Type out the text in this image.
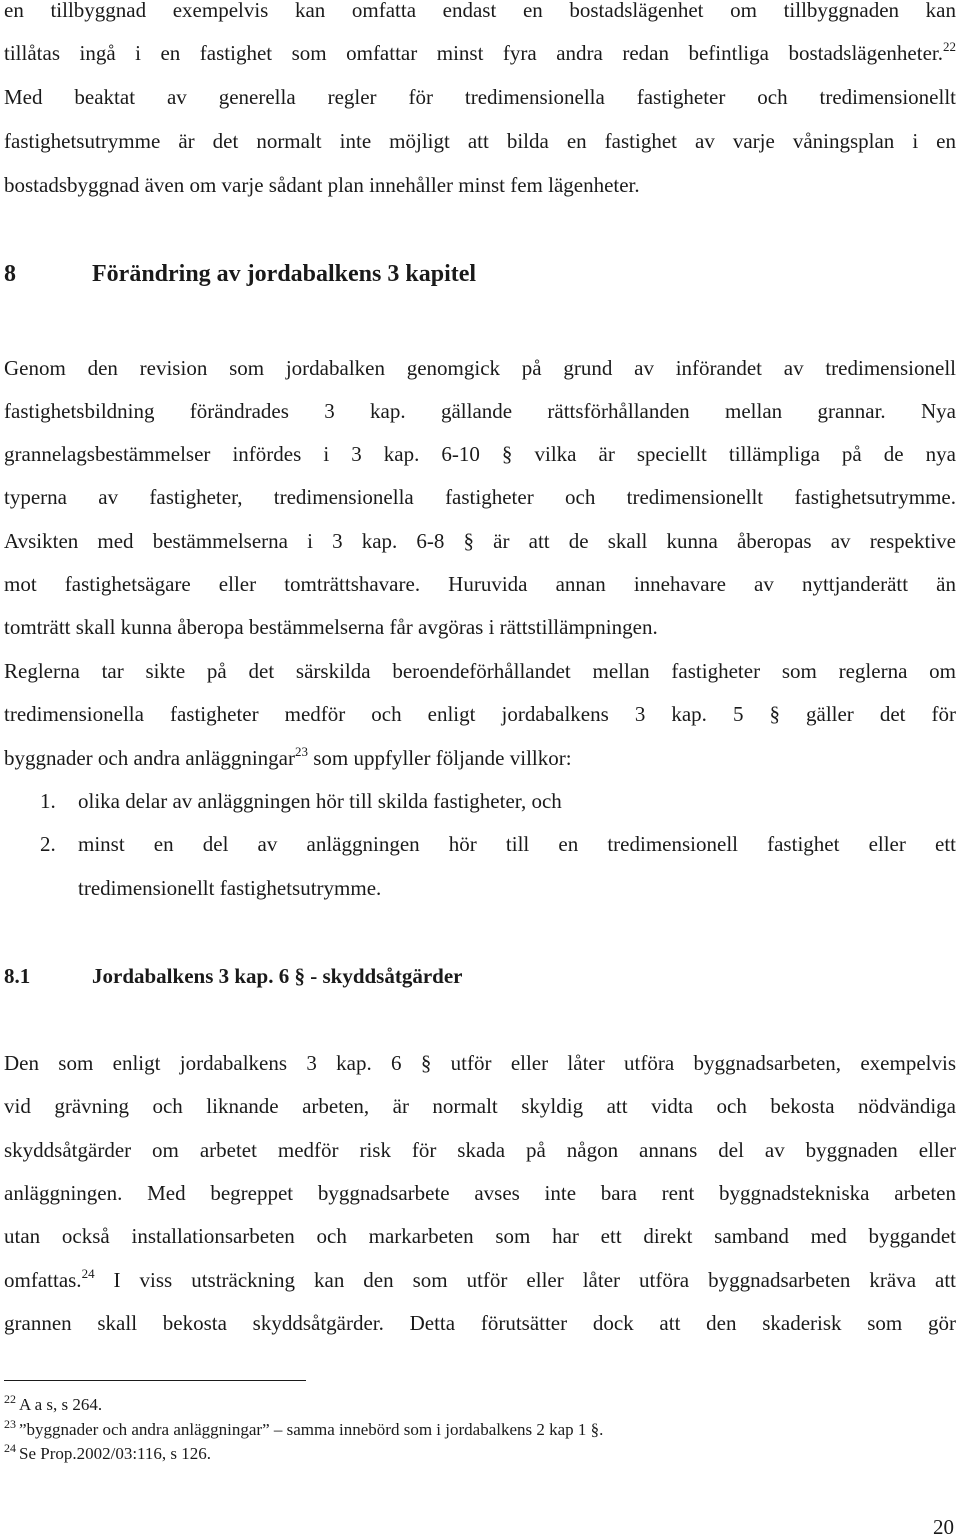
en tillbyggnad exempelvis kan omfatta endast en bostadslägenhet om tillbyggnaden kan
tillåtas ingå i en fastighet som omfattar minst fyra andra redan befintliga bostadslägenheter.$^{22}$
Med beaktat av generella regler för tredimensionella fastigheter och tredimensionellt
fastighetsutrymme är det normalt inte möjligt att bilda en fastighet av varje våningsplan i en
bostadsbyggnad även om varje sådant plan innehåller minst fem lägenheter.
8	Förändring av jordabalkens 3 kapitel
Genom den revision som jordabalken genomgick på grund av införandet av tredimensionell
fastighetsbildning förändrades 3 kap. gällande rättsförhållanden mellan grannar. Nya
grannelagsbestämmelser infördes i 3 kap. 6-10 § vilka är speciellt tillämpliga på de nya
typerna av fastigheter, tredimensionella fastigheter och tredimensionellt fastighetsutrymme.
Avsikten med bestämmelserna i 3 kap. 6-8 § är att de skall kunna åberopas av respektive
mot fastighetsägare eller tomträttshavare. Huruvida annan innehavare av nyttjanderätt än
tomträtt skall kunna åberopa bestämmelserna får avgöras i rättstillämpningen.
Reglerna tar sikte på det särskilda beroendeförhållandet mellan fastigheter som reglerna om
tredimensionella fastigheter medför och enligt jordabalkens 3 kap. 5 § gäller det för
byggnader och andra anläggningar$^{23}$ som uppfyller följande villkor:
1. olika delar av anläggningen hör till skilda fastigheter, och
2. minst en del av anläggningen hör till en tredimensionell fastighet eller ett
tredimensionellt fastighetsutrymme.
8.1	Jordabalkens 3 kap. 6 § - skyddsåtgärder
Den som enligt jordabalkens 3 kap. 6 § utför eller låter utföra byggnadsarbeten, exempelvis
vid grävning och liknande arbeten, är normalt skyldig att vidta och bekosta nödvändiga
skyddsåtgärder om arbetet medför risk för skada på någon annans del av byggnaden eller
anläggningen. Med begreppet byggnadsarbete avses inte bara rent byggnadstekniska arbeten
utan också installationsarbeten och markarbeten som har ett direkt samband med byggandet
omfattas.$^{24}$ I viss utsträckning kan den som utför eller låter utföra byggnadsarbeten kräva att
grannen skall bekosta skyddsåtgärder. Detta förutsätter dock att den skaderisk som gör
$^{22}$ A a s, s 264.
$^{23}$ ”byggnader och andra anläggningar” – samma innebörd som i jordabalkens 2 kap 1 §.
$^{24}$ Se Prop.2002/03:116, s 126.
20
